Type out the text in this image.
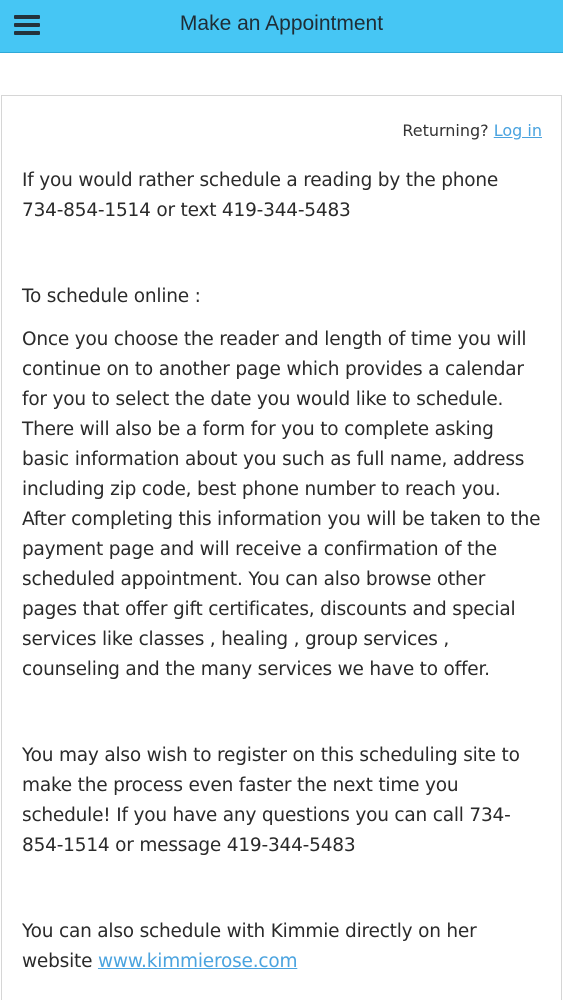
Make an Appointment
Returning? Log in

If you would rather schedule a reading by the phone 734-854-1514 or text 419-344-5483

To schedule online :

Once you choose the reader and length of time you will continue on to another page which provides a calendar for you to select the date you would like to schedule. There will also be a form for you to complete asking basic information about you such as full name, address including zip code, best phone number to reach you. After completing this information you will be taken to the payment page and will receive a confirmation of the scheduled appointment. You can also browse other pages that offer gift certificates, discounts and special services like classes , healing , group services , counseling and the many services we have to offer.

You may also wish to register on this scheduling site to make the process even faster the next time you schedule! If you have any questions you can call 734-854-1514 or message 419-344-5483

You can also schedule with Kimmie directly on her website www.kimmierose.com
